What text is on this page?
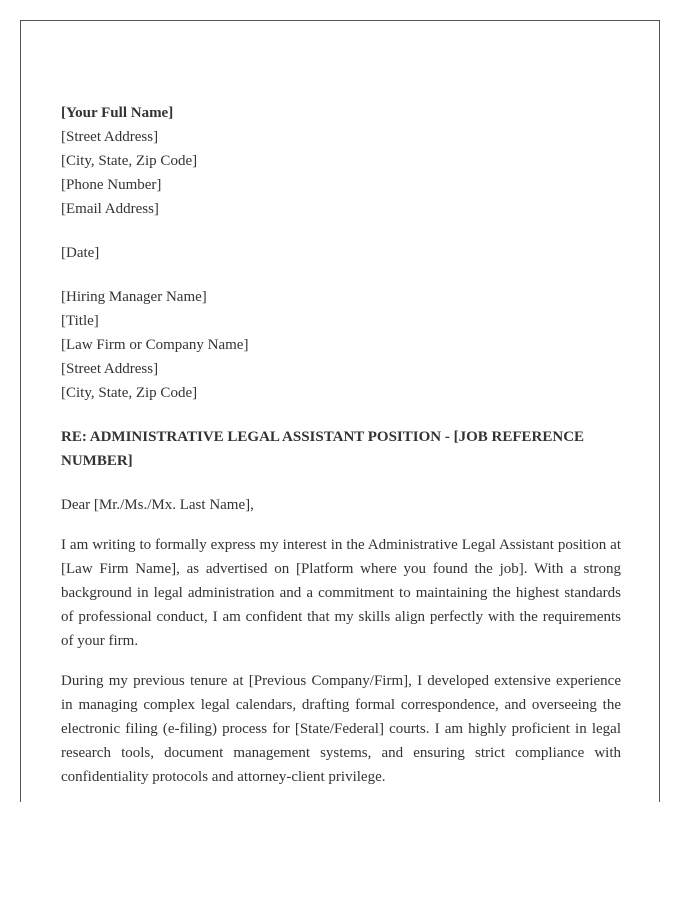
[Your Full Name]
[Street Address]
[City, State, Zip Code]
[Phone Number]
[Email Address]
[Date]
[Hiring Manager Name]
[Title]
[Law Firm or Company Name]
[Street Address]
[City, State, Zip Code]

RE: ADMINISTRATIVE LEGAL ASSISTANT POSITION - [JOB REFERENCE NUMBER]

Dear [Mr./Ms./Mx. Last Name],

I am writing to formally express my interest in the Administrative Legal Assistant position at [Law Firm Name], as advertised on [Platform where you found the job]. With a strong background in legal administration and a commitment to maintaining the highest standards of professional conduct, I am confident that my skills align perfectly with the requirements of your firm.

During my previous tenure at [Previous Company/Firm], I developed extensive experience in managing complex legal calendars, drafting formal correspondence, and overseeing the electronic filing (e-filing) process for [State/Federal] courts. I am highly proficient in legal research tools, document management systems, and ensuring strict compliance with confidentiality protocols and attorney-client privilege.
